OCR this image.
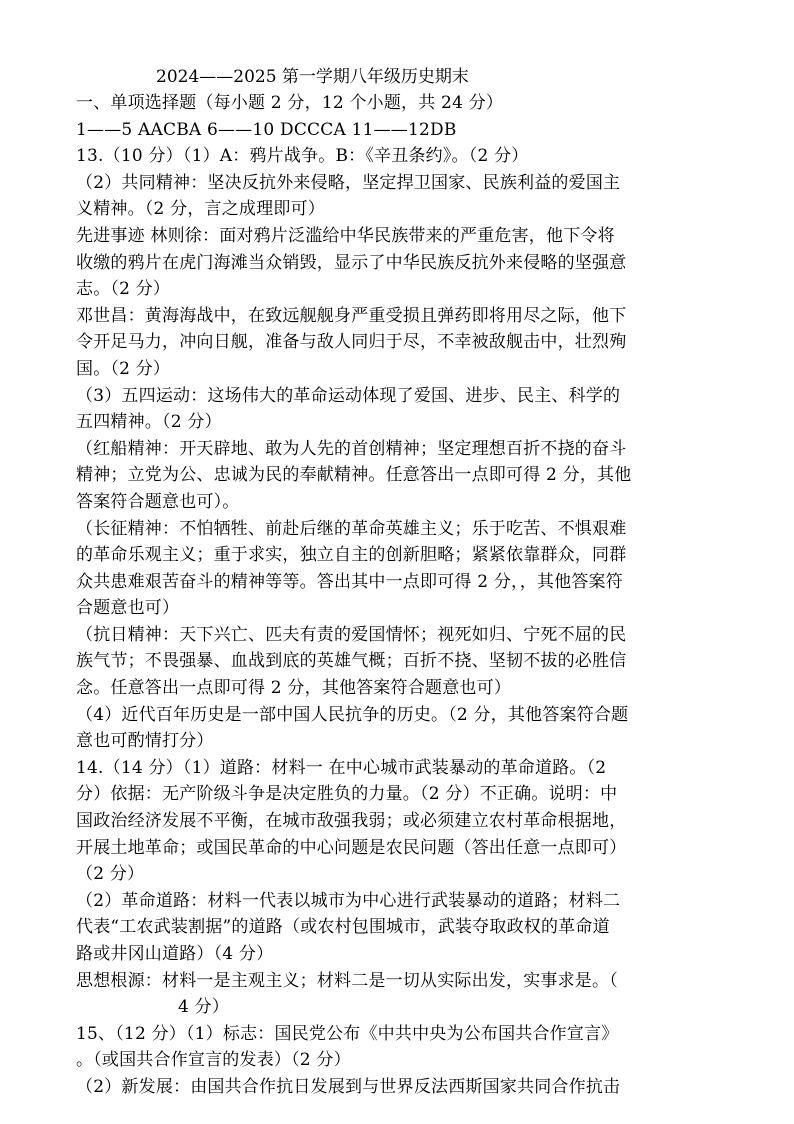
2024——2025 第一学期八年级历史期末
一、单项选择题（每小题 2 分，12 个小题，共 24 分）
1——5 AACBA 6——10 DCCCA 11——12DB
13.（10 分）（1）A：鸦片战争。B：《辛丑条约》。（2 分）
（2）共同精神：坚决反抗外来侵略，坚定捍卫国家、民族利益的爱国主
义精神。（2 分，言之成理即可）
先进事迹 林则徐：面对鸦片泛滥给中华民族带来的严重危害，他下令将
收缴的鸦片在虎门海滩当众销毁，显示了中华民族反抗外来侵略的坚强意
志。（2 分）
邓世昌：黄海海战中，在致远舰舰身严重受损且弹药即将用尽之际，他下
令开足马力，冲向日舰，准备与敌人同归于尽，不幸被敌舰击中，壮烈殉
国。（2 分）
（3）五四运动：这场伟大的革命运动体现了爱国、进步、民主、科学的
五四精神。（2 分）
（红船精神：开天辟地、敢为人先的首创精神；坚定理想百折不挠的奋斗
精神；立党为公、忠诚为民的奉献精神。任意答出一点即可得 2 分，其他
答案符合题意也可）。
（长征精神：不怕牺牲、前赴后继的革命英雄主义；乐于吃苦、不惧艰难
的革命乐观主义；重于求实，独立自主的创新胆略；紧紧依靠群众，同群
众共患难艰苦奋斗的精神等等。答出其中一点即可得 2 分，，其他答案符
合题意也可）
（抗日精神：天下兴亡、匹夫有责的爱国情怀；视死如归、宁死不屈的民
族气节；不畏强暴、血战到底的英雄气概；百折不挠、坚韧不拔的必胜信
念。任意答出一点即可得 2 分，其他答案符合题意也可）
（4）近代百年历史是一部中国人民抗争的历史。（2 分，其他答案符合题
意也可酌情打分）
14.（14 分）（1）道路：材料一 在中心城市武装暴动的革命道路。（2
分）依据：无产阶级斗争是决定胜负的力量。（2 分）不正确。说明：中
国政治经济发展不平衡，在城市敌强我弱；或必须建立农村革命根据地，
开展土地革命；或国民革命的中心问题是农民问题（答出任意一点即可）
（2 分）
（2）革命道路：材料一代表以城市为中心进行武装暴动的道路；材料二
代表“工农武装割据”的道路（或农村包围城市，武装夺取政权的革命道
路或井冈山道路）（4 分）
思想根源：材料一是主观主义；材料二是一切从实际出发，实事求是。（
4 分）
15、（12 分）（1）标志：国民党公布《中共中央为公布国共合作宣言》
。（或国共合作宣言的发表）（2 分）
（2）新发展：由国共合作抗日发展到与世界反法西斯国家共同合作抗击
